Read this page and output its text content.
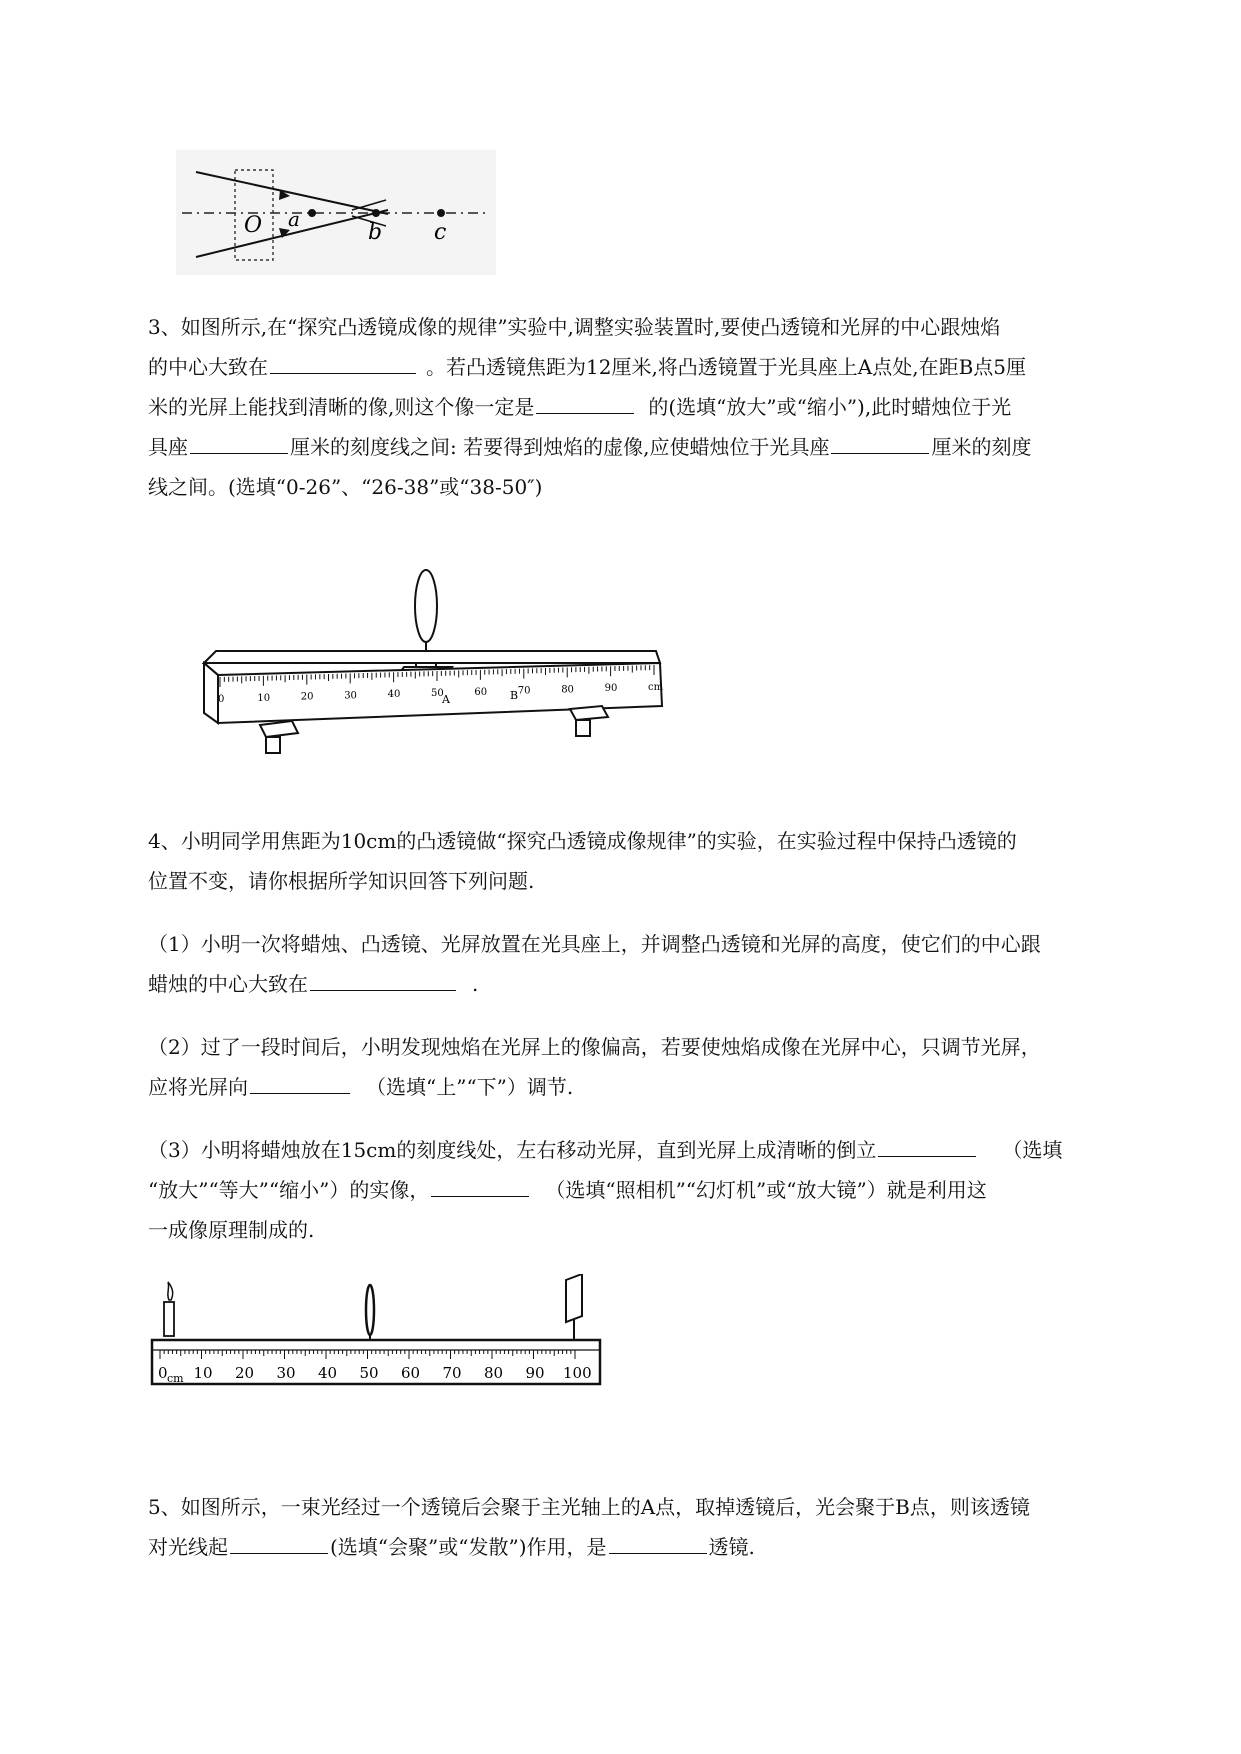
O a
b c

3、如图所示,在“探究凸透镜成像的规律”实验中,调整实验装置时,要使凸透镜和光屏的中心跟烛焰

的中心大致在	。若凸透镜焦距为12厘米,将凸透镜置于光具座上A点处,在距B点5厘

米的光屏上能找到清晰的像,则这个像一定是	的(选填“放大”或“缩小”),此时蜡烛位于光

具座	厘米的刻度线之间: 若要得到烛焰的虚像,应使蜡烛位于光具座	厘米的刻度

线之间。(选填“0-26”、“26-38”或“38-50″)

0	10	20	30	40	50	60	70	80	90	cm
A	B

4、小明同学用焦距为10cm的凸透镜做“探究凸透镜成像规律”的实验，在实验过程中保持凸透镜的

位置不变，请你根据所学知识回答下列问题.

（1）小明一次将蜡烛、凸透镜、光屏放置在光具座上，并调整凸透镜和光屏的高度，使它们的中心跟

蜡烛的中心大致在	.

（2）过了一段时间后，小明发现烛焰在光屏上的像偏高，若要使烛焰成像在光屏中心，只调节光屏，

应将光屏向	（选填“上”“下”）调节.

（3）小明将蜡烛放在15cm的刻度线处，左右移动光屏，直到光屏上成清晰的倒立	（选填

“放大”“等大”“缩小”）的实像，	（选填“照相机”“幻灯机”或“放大镜”）就是利用这

一成像原理制成的.

10 20 30 40 50 60 70 80 90 100
0 cm

5、如图所示，一束光经过一个透镜后会聚于主光轴上的A点，取掉透镜后，光会聚于B点，则该透镜

对光线起	(选填“会聚”或“发散”)作用，是	透镜.
